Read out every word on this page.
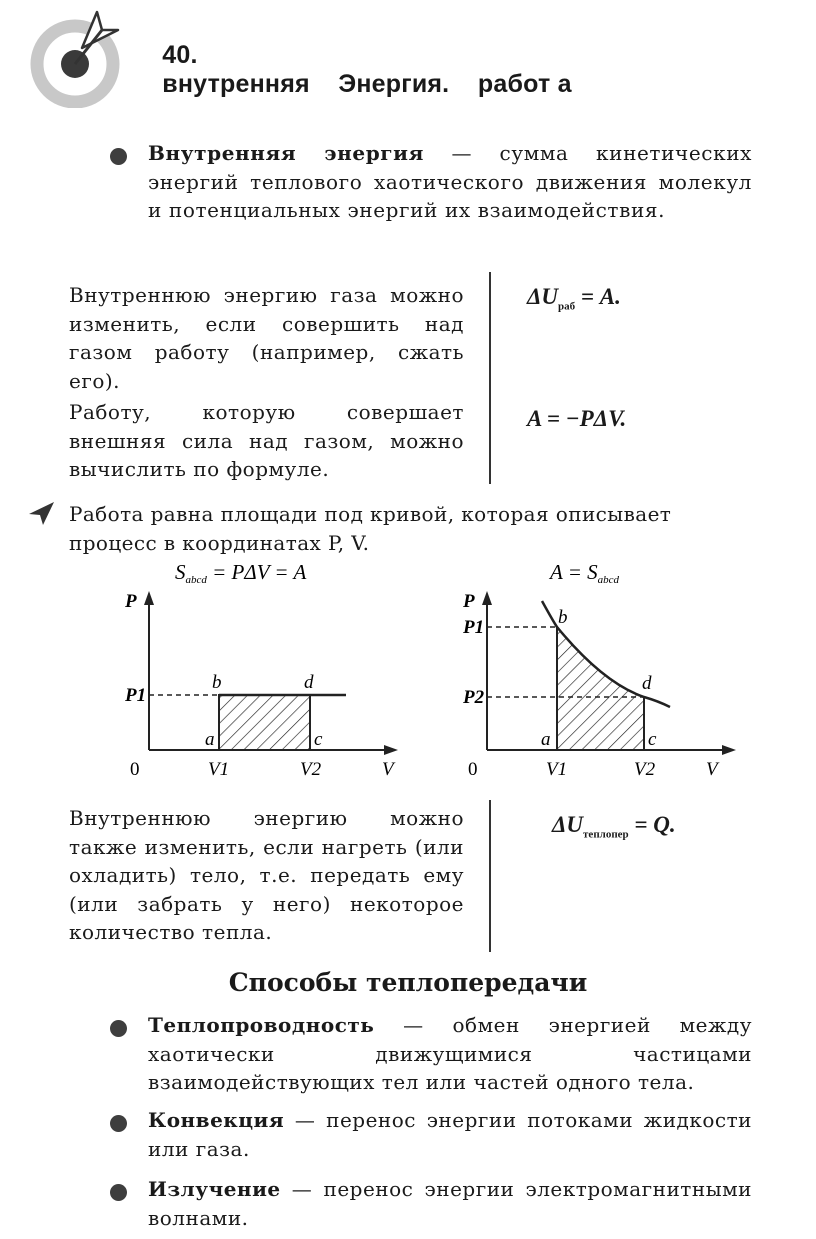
40.
внутренняя    Энергия.    работ а

Внутренняя энергия — сумма кинетических энергий теплового хаотического движения молекул и потенциальных энергий их взаимодействия.
Внутреннюю энергию газа можно изменить, если совершить над газом работу (например, сжать его).
Работу, которую совершает внешняя сила над газом, можно вычислить по формуле.
$\Delta U_{раб} = A$.
A = −PΔV.
Работа равна площади под кривой, которая описывает процесс в координатах P, V.
Sabcd = PΔV = A
P
V
0
a
b
c
d
P1
V1	V2
A = Sabcd
P
V
0
a
b
c
d
P1
P2
V1	V2
Внутреннюю энергию можно также изменить, если нагреть (или охладить) тело, т.е. передать ему (или забрать у него) некоторое количество тепла.
$\Delta U_{теплопер} = Q$.
Способы теплопередачи
Теплопроводность — обмен энергией между хаотически движущимися частицами взаимодействующих тел или частей одного тела.
Конвекция — перенос энергии потоками жидкости или газа.
Излучение — перенос энергии электромагнитными волнами.
